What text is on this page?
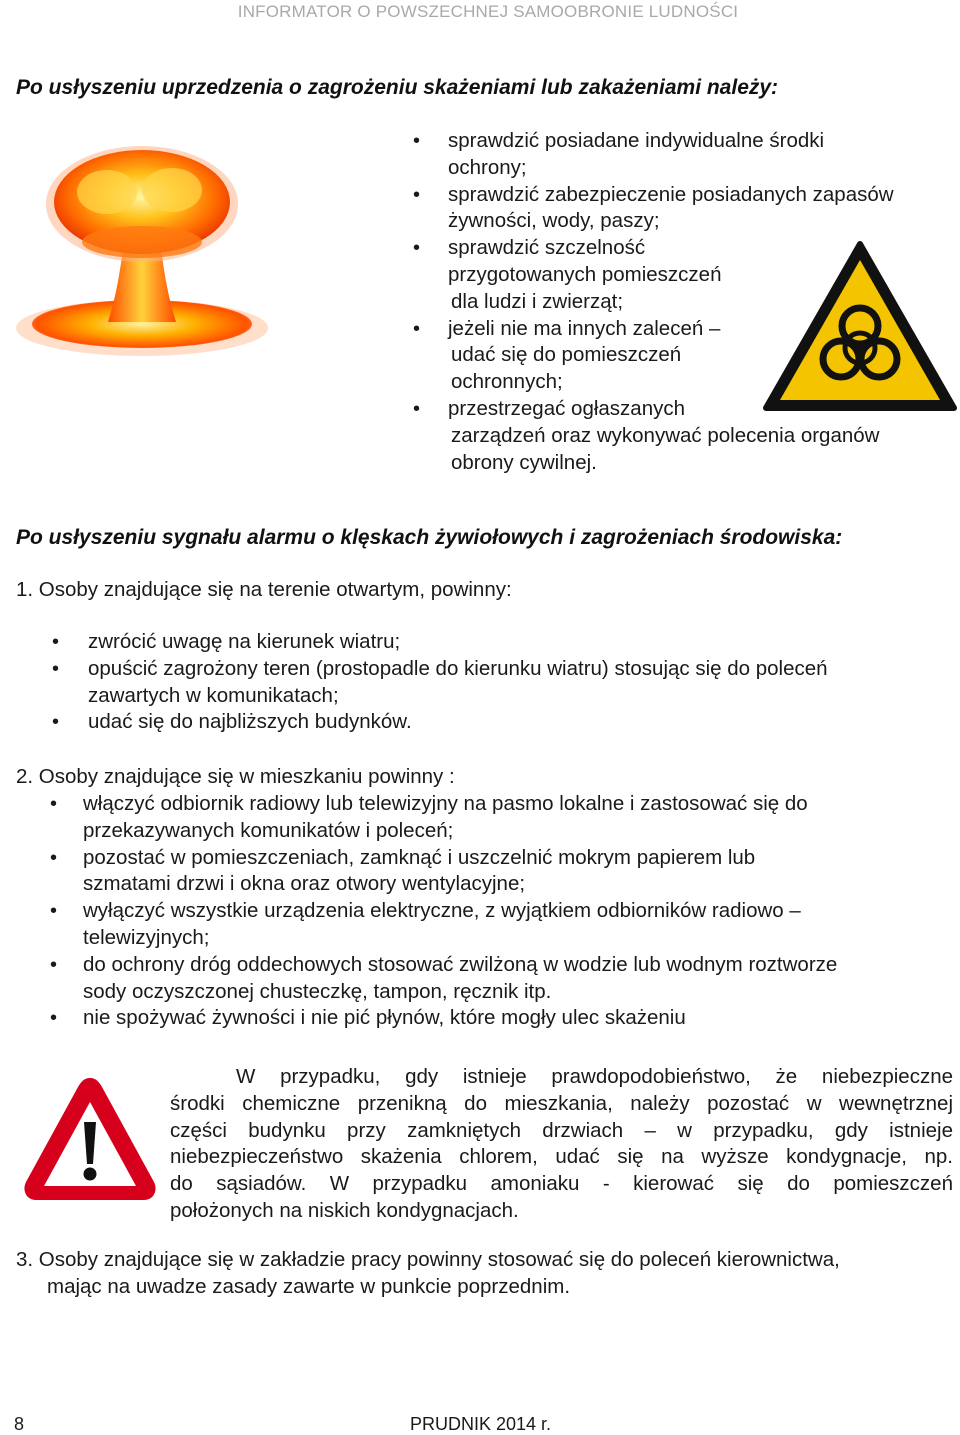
INFORMATOR O POWSZECHNEJ SAMOOBRONIE LUDNOŚCI
Po usłyszeniu uprzedzenia o zagrożeniu skażeniami lub zakażeniami należy:
• sprawdzić posiadane indywidualne środki
ochrony;
• sprawdzić zabezpieczenie posiadanych zapasów
żywności, wody, paszy;
• sprawdzić szczelność
przygotowanych pomieszczeń
dla ludzi i zwierząt;
• jeżeli nie ma innych zaleceń –
udać się do pomieszczeń
ochronnych;
• przestrzegać ogłaszanych
zarządzeń oraz wykonywać polecenia organów
obrony cywilnej.
Po usłyszeniu sygnału alarmu o klęskach żywiołowych i zagrożeniach środowiska:
1. Osoby znajdujące się na terenie otwartym, powinny:
• zwrócić uwagę na kierunek wiatru;
• opuścić zagrożony teren (prostopadle do kierunku wiatru) stosując się do poleceń
zawartych w komunikatach;
• udać się do najbliższych budynków.
2. Osoby znajdujące się w mieszkaniu powinny :
• włączyć odbiornik radiowy lub telewizyjny na pasmo lokalne i zastosować się do
przekazywanych komunikatów i poleceń;
• pozostać w pomieszczeniach, zamknąć i uszczelnić mokrym papierem lub
szmatami drzwi i okna oraz otwory wentylacyjne;
• wyłączyć wszystkie urządzenia elektryczne, z wyjątkiem odbiorników radiowo –
telewizyjnych;
• do ochrony dróg oddechowych stosować zwilżoną w wodzie lub wodnym roztworze
sody oczyszczonej chusteczkę, tampon, ręcznik itp.
• nie spożywać żywności i nie pić płynów, które mogły ulec skażeniu
W przypadku, gdy istnieje prawdopodobieństwo, że niebezpieczne
środki chemiczne przenikną do mieszkania, należy pozostać w wewnętrznej
części budynku przy zamkniętych drzwiach – w przypadku, gdy istnieje
niebezpieczeństwo skażenia chlorem, udać się na wyższe kondygnacje, np.
do sąsiadów. W przypadku amoniaku - kierować się do pomieszczeń
położonych na niskich kondygnacjach.
3. Osoby znajdujące się w zakładzie pracy powinny stosować się do poleceń kierownictwa,
mając na uwadze zasady zawarte w punkcie poprzednim.
8	PRUDNIK 2014 r.
